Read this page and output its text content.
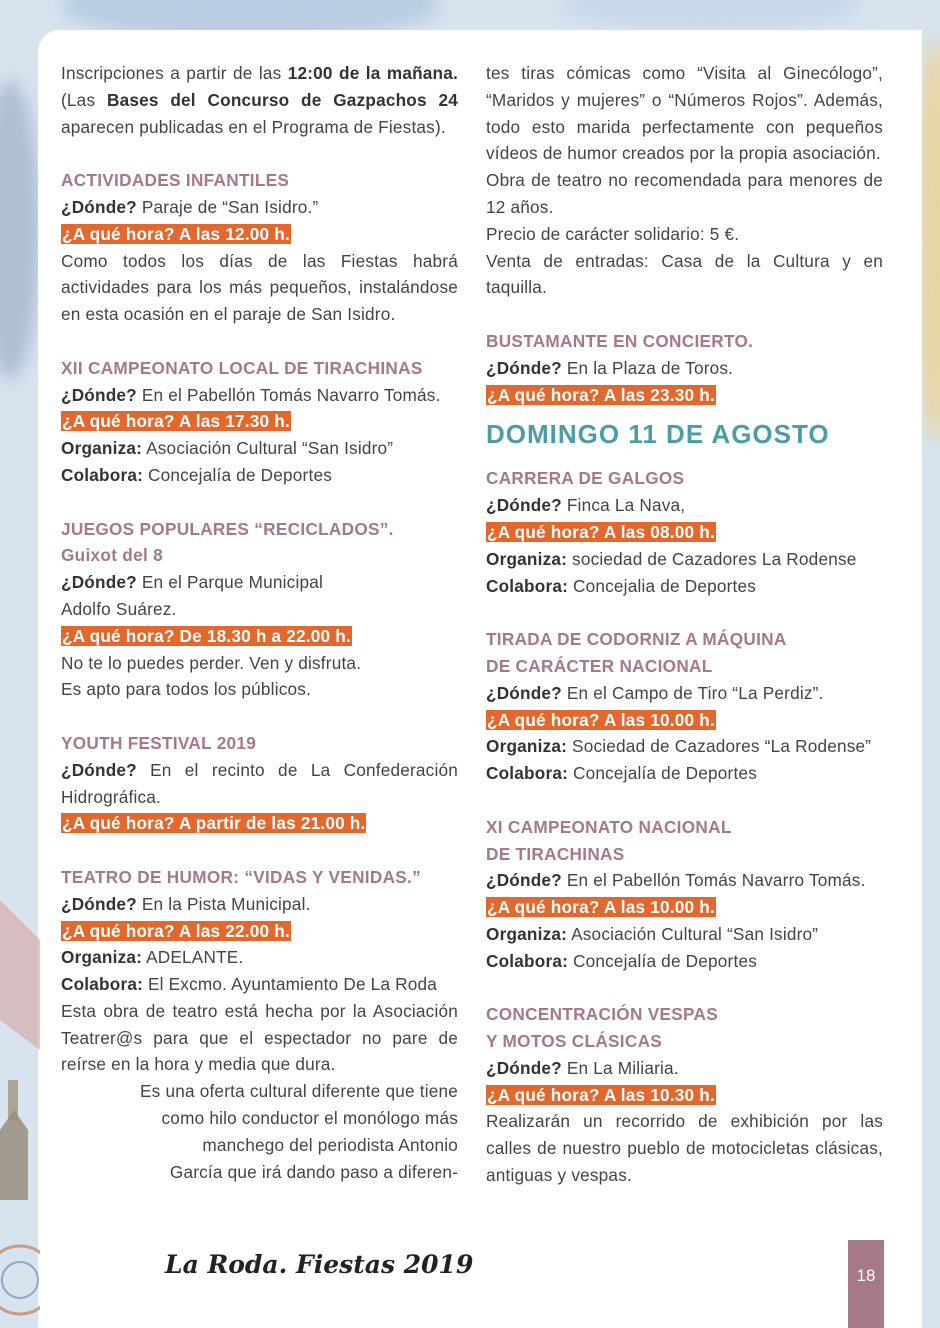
Inscripciones a partir de las 12:00 de la mañana. (Las Bases del Concurso de Gazpachos 24 aparecen publicadas en el Programa de Fiestas).

ACTIVIDADES INFANTILES

¿Dónde? Paraje de “San Isidro.”

¿A qué hora? A las 12.00 h.

Como todos los días de las Fiestas habrá actividades para los más pequeños, instalándose en esta ocasión en el paraje de San Isidro.

XII CAMPEONATO LOCAL DE TIRACHINAS

¿Dónde? En el Pabellón Tomás Navarro Tomás.

¿A qué hora? A las 17.30 h.

Organiza: Asociación Cultural “San Isidro”

Colabora: Concejalía de Deportes

JUEGOS POPULARES “RECICLADOS”.

Guixot del 8

¿Dónde? En el Parque Municipal

Adolfo Suárez.

¿A qué hora? De 18.30 h a 22.00 h.

No te lo puedes perder. Ven y disfruta.

Es apto para todos los públicos.

YOUTH FESTIVAL 2019

¿Dónde? En el recinto de La Confederación Hidrográfica.

¿A qué hora? A partir de las 21.00 h.

TEATRO DE HUMOR: “VIDAS Y VENIDAS.”

¿Dónde? En la Pista Municipal.

¿A qué hora? A las 22.00 h.

Organiza: ADELANTE.

Colabora: El Excmo. Ayuntamiento De La Roda

Esta obra de teatro está hecha por la Asociación Teatrer@s para que el espectador no pare de reírse en la hora y media que dura.

Es una oferta cultural diferente que tiene

como hilo conductor el monólogo más

manchego del periodista Antonio

García que irá dando paso a diferen-

tes tiras cómicas como “Visita al Ginecólogo”, “Maridos y mujeres” o “Números Rojos”. Además, todo esto marida perfectamente con pequeños vídeos de humor creados por la propia asociación.

Obra de teatro no recomendada para menores de 12 años.

Precio de carácter solidario: 5 €.

Venta de entradas: Casa de la Cultura y en taquilla.

BUSTAMANTE EN CONCIERTO.

¿Dónde? En la Plaza de Toros.

¿A qué hora? A las 23.30 h.

DOMINGO 11 DE AGOSTO

CARRERA DE GALGOS

¿Dónde? Finca La Nava,

¿A qué hora? A las 08.00 h.

Organiza: sociedad de Cazadores La Rodense

Colabora: Concejalia de Deportes

TIRADA DE CODORNIZ A MÁQUINA

DE CARÁCTER NACIONAL

¿Dónde? En el Campo de Tiro “La Perdiz”.

¿A qué hora? A las 10.00 h.

Organiza: Sociedad de Cazadores “La Rodense”

Colabora: Concejalía de Deportes

XI CAMPEONATO NACIONAL

DE TIRACHINAS

¿Dónde? En el Pabellón Tomás Navarro Tomás.

¿A qué hora? A las 10.00 h.

Organiza: Asociación Cultural “San Isidro”

Colabora: Concejalía de Deportes

CONCENTRACIÓN VESPAS

Y MOTOS CLÁSICAS

¿Dónde? En La Miliaria.

¿A qué hora? A las 10.30 h.

Realizarán un recorrido de exhibición por las calles de nuestro pueblo de motocicletas clásicas, antiguas y vespas.

La Roda. Fiestas 2019	18
